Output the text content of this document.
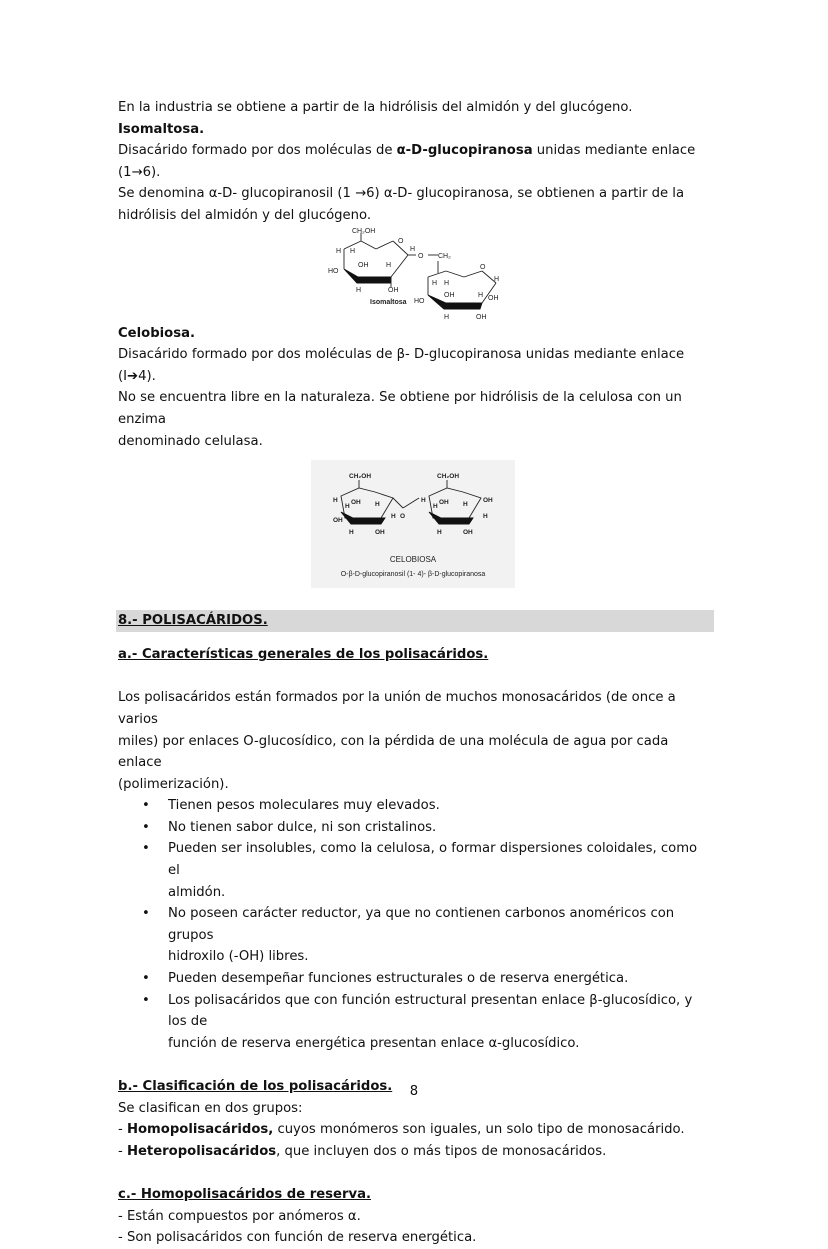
En la industria se obtiene a partir de la hidrólisis del almidón y del glucógeno.

Isomaltosa.

Disacárido formado por dos moléculas de α-D-glucopiranosa unidas mediante enlace (1→6).

Se denomina α-D- glucopiranosil (1 →6) α-D- glucopiranosa, se obtienen a partir de la

hidrólisis del almidón y del glucógeno.

CH₂OH
O
H H	H
OH	H
HO
H	OH
O CH₂
O
H H
H
OH	H OH
HO
H	OH
Isomaltosa

Celobiosa.

Disacárido formado por dos moléculas de β- D-glucopiranosa unidas mediante enlace (I➔4).

No se encuentra libre en la naturaleza. Se obtiene por hidrólisis de la celulosa con un enzima

denominado celulasa.

CH₂OH	CH₂OH
H
H
OH H
OH
H
H	OH
O
H
H
OH H
OH
H
H	OH
CELOBIOSA
O-β-D-glucopiranosil (1- 4)- β-D-glucopiranosa
8.- POLISACÁRIDOS.

a.- Características generales de los polisacáridos.

Los polisacáridos están formados por la unión de muchos monosacáridos (de once a varios

miles) por enlaces O-glucosídico, con la pérdida de una molécula de agua por cada enlace

(polimerización).

• Tienen pesos moleculares muy elevados.
• No tienen sabor dulce, ni son cristalinos.
• Pueden ser insolubles, como la celulosa, o formar dispersiones coloidales, como el
almidón.
• No poseen carácter reductor, ya que no contienen carbonos anoméricos con grupos
hidroxilo (-OH) libres.
• Pueden desempeñar funciones estructurales o de reserva energética.
• Los polisacáridos que con función estructural presentan enlace β-glucosídico, y los de
función de reserva energética presentan enlace α-glucosídico.

b.- Clasificación de los polisacáridos.

Se clasifican en dos grupos:

- Homopolisacáridos, cuyos monómeros son iguales, un solo tipo de monosacárido.

- Heteropolisacáridos, que incluyen dos o más tipos de monosacáridos.

c.- Homopolisacáridos de reserva.

- Están compuestos por anómeros α.

- Son polisacáridos con función de reserva energética.

8
